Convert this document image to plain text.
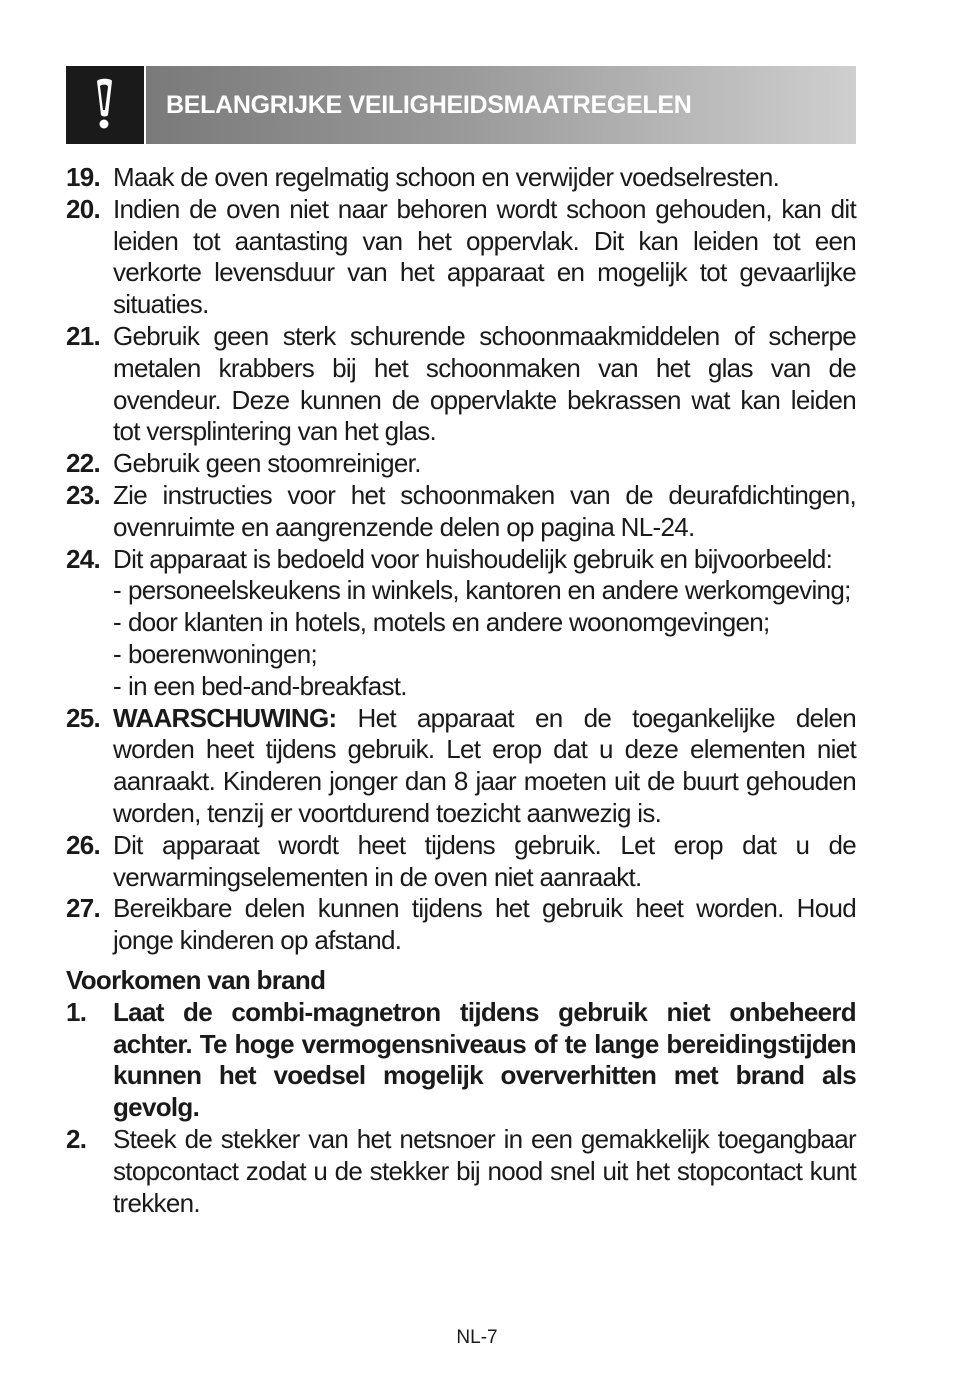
BELANGRIJKE VEILIGHEIDSMAATREGELEN
19. Maak de oven regelmatig schoon en verwijder voedselresten.
20. Indien de oven niet naar behoren wordt schoon gehouden, kan dit leiden tot aantasting van het oppervlak. Dit kan leiden tot een verkorte levensduur van het apparaat en mogelijk tot gevaarlijke situaties.
21. Gebruik geen sterk schurende schoonmaakmiddelen of scherpe metalen krabbers bij het schoonmaken van het glas van de ovendeur. Deze kunnen de oppervlakte bekrassen wat kan leiden tot versplintering van het glas.
22. Gebruik geen stoomreiniger.
23. Zie instructies voor het schoonmaken van de deurafdichtingen, ovenruimte en aangrenzende delen op pagina NL-24.
24. Dit apparaat is bedoeld voor huishoudelijk gebruik en bijvoorbeeld:
- personeelskeukens in winkels, kantoren en andere werkomgeving;
- door klanten in hotels, motels en andere woonomgevingen;
- boerenwoningen;
- in een bed-and-breakfast.
25. WAARSCHUWING: Het apparaat en de toegankelijke delen worden heet tijdens gebruik. Let erop dat u deze elementen niet aanraakt. Kinderen jonger dan 8 jaar moeten uit de buurt gehouden worden, tenzij er voortdurend toezicht aanwezig is.
26. Dit apparaat wordt heet tijdens gebruik. Let erop dat u de verwarmingselementen in de oven niet aanraakt.
27. Bereikbare delen kunnen tijdens het gebruik heet worden. Houd jonge kinderen op afstand.
Voorkomen van brand
1.	Laat de combi-magnetron tijdens gebruik niet onbeheerd achter. Te hoge vermogensniveaus of te lange bereidingstijden kunnen het voedsel mogelijk oververhitten met brand als gevolg.
2.	Steek de stekker van het netsnoer in een gemakkelijk toegangbaar stopcontact zodat u de stekker bij nood snel uit het stopcontact kunt trekken.
NL-7
